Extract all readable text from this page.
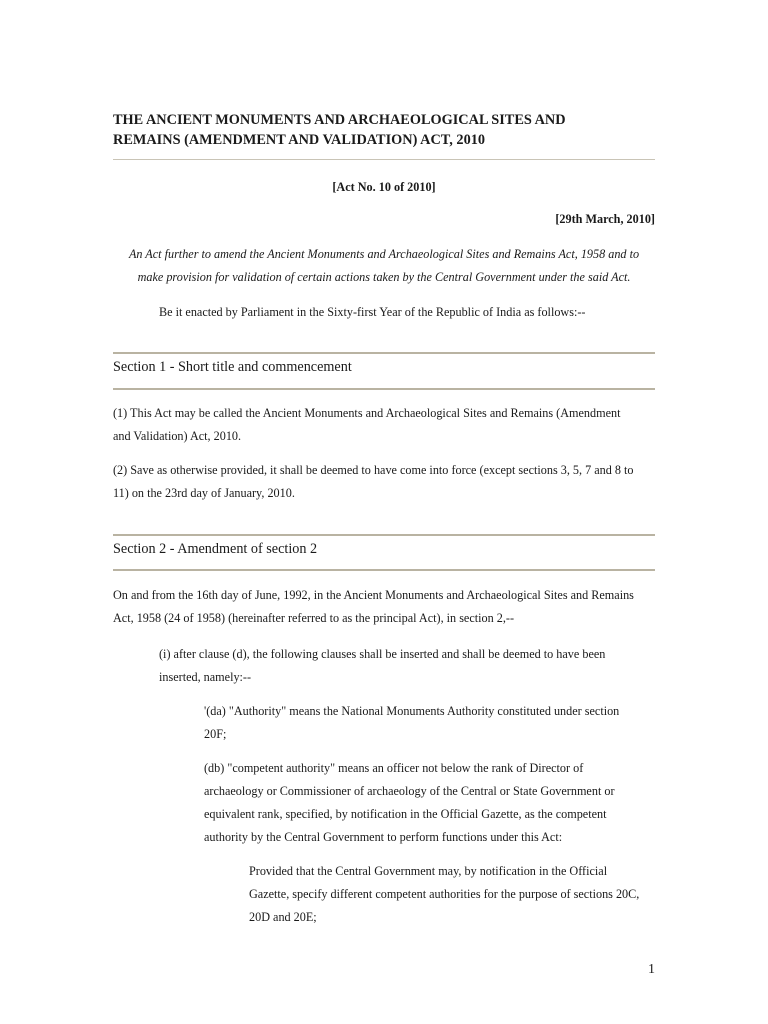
THE ANCIENT MONUMENTS AND ARCHAEOLOGICAL SITES AND
REMAINS (AMENDMENT AND VALIDATION) ACT, 2010
[Act No. 10 of 2010]
[29th March, 2010]
An Act further to amend the Ancient Monuments and Archaeological Sites and Remains Act, 1958 and to
make provision for validation of certain actions taken by the Central Government under the said Act.
Be it enacted by Parliament in the Sixty-first Year of the Republic of India as follows:--
Section 1 - Short title and commencement
(1) This Act may be called the Ancient Monuments and Archaeological Sites and Remains (Amendment
and Validation) Act, 2010.
(2) Save as otherwise provided, it shall be deemed to have come into force (except sections 3, 5, 7 and 8 to
11) on the 23rd day of January, 2010.
Section 2 - Amendment of section 2
On and from the 16th day of June, 1992, in the Ancient Monuments and Archaeological Sites and Remains
Act, 1958 (24 of 1958) (hereinafter referred to as the principal Act), in section 2,--
(i) after clause (d), the following clauses shall be inserted and shall be deemed to have been
inserted, namely:--
'(da) "Authority" means the National Monuments Authority constituted under section
20F;
(db) "competent authority" means an officer not below the rank of Director of
archaeology or Commissioner of archaeology of the Central or State Government or
equivalent rank, specified, by notification in the Official Gazette, as the competent
authority by the Central Government to perform functions under this Act:
Provided that the Central Government may, by notification in the Official
Gazette, specify different competent authorities for the purpose of sections 20C,
20D and 20E;
1
